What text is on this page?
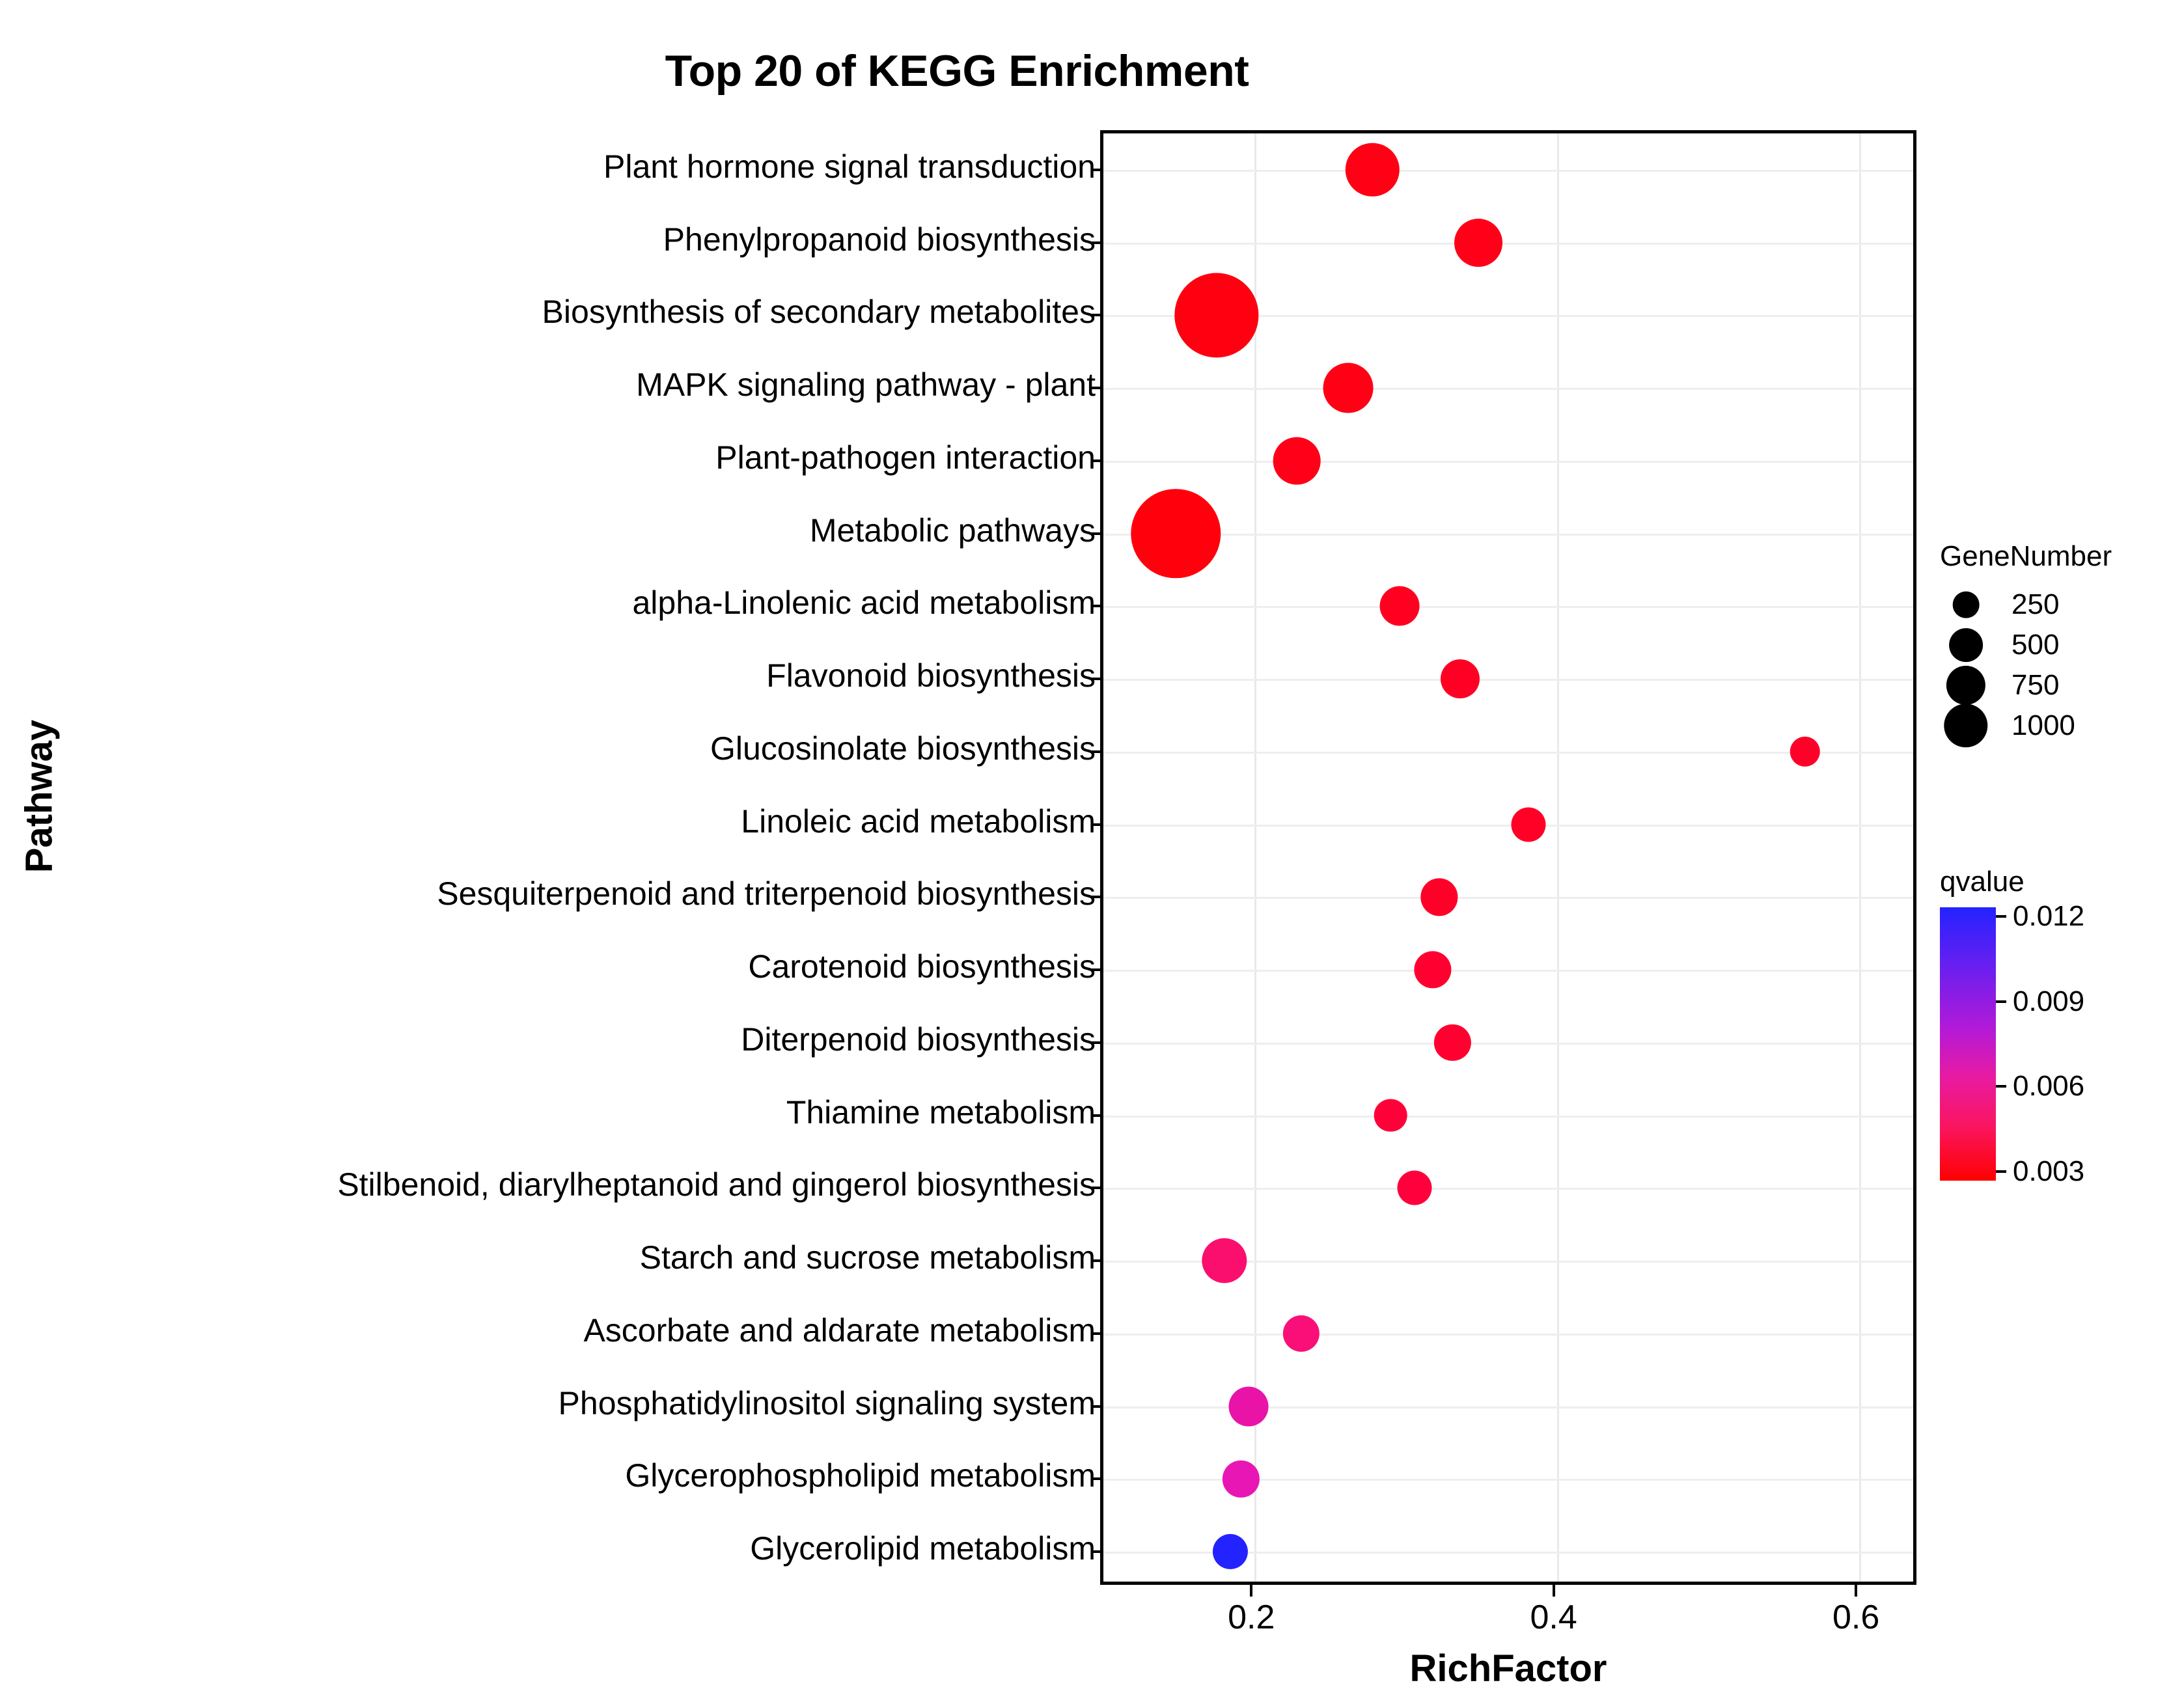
Top 20 of KEGG Enrichment
Pathway
RichFactor
Plant hormone signal transduction
Phenylpropanoid biosynthesis
Biosynthesis of secondary metabolites
MAPK signaling pathway - plant
Plant-pathogen interaction
Metabolic pathways
alpha-Linolenic acid metabolism
Flavonoid biosynthesis
Glucosinolate biosynthesis
Linoleic acid metabolism
Sesquiterpenoid and triterpenoid biosynthesis
Carotenoid biosynthesis
Diterpenoid biosynthesis
Thiamine metabolism
Stilbenoid, diarylheptanoid and gingerol biosynthesis
Starch and sucrose metabolism
Ascorbate and aldarate metabolism
Phosphatidylinositol signaling system
Glycerophospholipid metabolism
Glycerolipid metabolism
0.2	0.4	0.6
GeneNumber
250
500
750
1000
qvalue
0.012
0.009
0.006
0.003
